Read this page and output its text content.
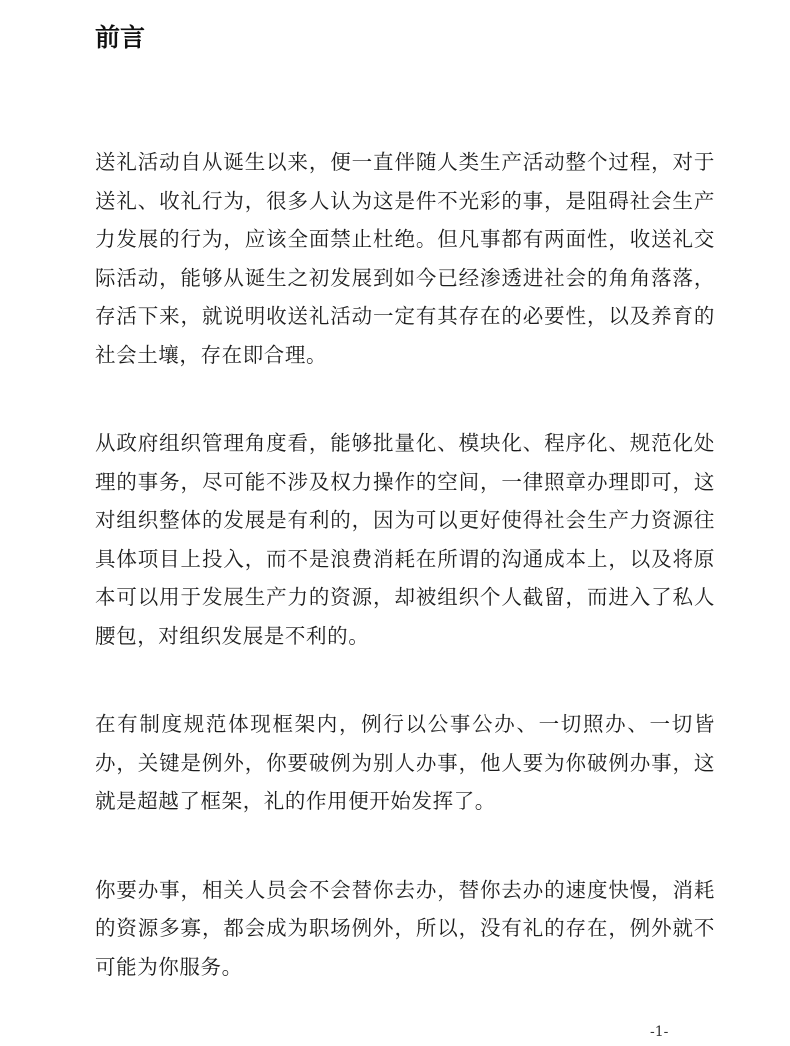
前言

送礼活动自从诞生以来，便一直伴随人类生产活动整个过程，对于送礼、收礼行为，很多人认为这是件不光彩的事，是阻碍社会生产力发展的行为，应该全面禁止杜绝。但凡事都有两面性，收送礼交际活动，能够从诞生之初发展到如今已经渗透进社会的角角落落，存活下来，就说明收送礼活动一定有其存在的必要性，以及养育的社会土壤，存在即合理。

从政府组织管理角度看，能够批量化、模块化、程序化、规范化处理的事务，尽可能不涉及权力操作的空间，一律照章办理即可，这对组织整体的发展是有利的，因为可以更好使得社会生产力资源往具体项目上投入，而不是浪费消耗在所谓的沟通成本上，以及将原本可以用于发展生产力的资源，却被组织个人截留，而进入了私人腰包，对组织发展是不利的。

在有制度规范体现框架内，例行以公事公办、一切照办、一切皆办，关键是例外，你要破例为别人办事，他人要为你破例办事，这就是超越了框架，礼的作用便开始发挥了。

你要办事，相关人员会不会替你去办，替你去办的速度快慢，消耗的资源多寡，都会成为职场例外，所以，没有礼的存在，例外就不可能为你服务。

-1-
